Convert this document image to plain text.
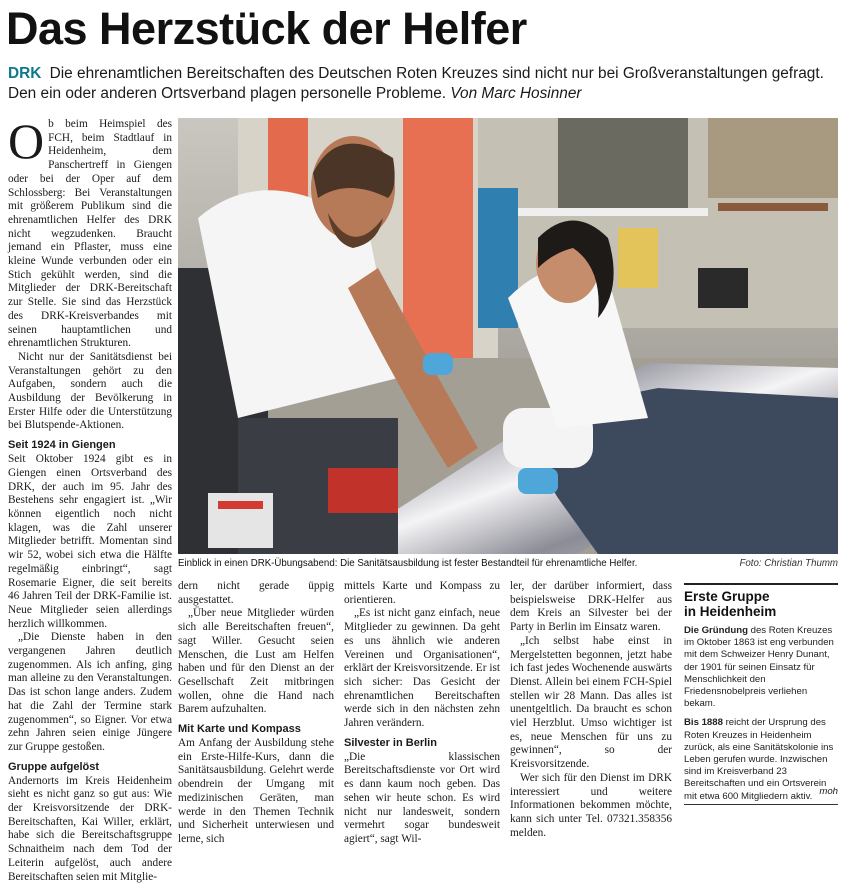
Das Herzstück der Helfer
DRK Die ehrenamtlichen Bereitschaften des Deutschen Roten Kreuzes sind nicht nur bei Großveranstaltungen gefragt. Den ein oder anderen Ortsverband plagen personelle Probleme. Von Marc Hosinner

Ob beim Heimspiel des FCH, beim Stadtlauf in Heidenheim, dem Panschertreff in Giengen oder bei der Oper auf dem Schlossberg: Bei Veranstaltungen mit größerem Publikum sind die ehrenamtlichen Helfer des DRK nicht wegzudenken. Braucht jemand ein Pflaster, muss eine kleine Wunde verbunden oder ein Stich gekühlt werden, sind die Mitglieder der DRK-Bereitschaft zur Stelle. Sie sind das Herzstück des DRK-Kreisverbandes mit seinen hauptamtlichen und ehrenamtlichen Strukturen.

Nicht nur der Sanitätsdienst bei Veranstaltungen gehört zu den Aufgaben, sondern auch die Ausbildung der Bevölkerung in Erster Hilfe oder die Unterstützung bei Blutspende-Aktionen.

Seit 1924 in Giengen

Seit Oktober 1924 gibt es in Giengen einen Ortsverband des DRK, der auch im 95. Jahr des Bestehens sehr engagiert ist. „Wir können eigentlich noch nicht klagen, was die Zahl unserer Mitglieder betrifft. Momentan sind wir 52, wobei sich etwa die Hälfte regelmäßig einbringt“, sagt Rosemarie Eigner, die seit bereits 46 Jahren Teil der DRK-Familie ist. Neue Mitglieder seien allerdings herzlich willkommen.

„Die Dienste haben in den vergangenen Jahren deutlich zugenommen. Als ich anfing, ging man alleine zu den Veranstaltungen. Das ist schon lange anders. Zudem hat die Zahl der Termine stark zugenommen“, so Eigner. Vor etwa zehn Jahren seien einige Jüngere zur Gruppe gestoßen.

Gruppe aufgelöst

Andernorts im Kreis Heidenheim sieht es nicht ganz so gut aus: Wie der Kreisvorsitzende der DRK-Bereitschaften, Kai Willer, erklärt, habe sich die Bereitschaftsgruppe Schnaitheim nach dem Tod der Leiterin aufgelöst, auch andere Bereitschaften seien mit Mitglie-

Einblick in einen DRK-Übungsabend: Die Sanitätsausbildung ist fester Bestandteil für ehrenamtliche Helfer.	Foto: Christian Thumm

dern nicht gerade üppig ausgestattet.

„Über neue Mitglieder würden sich alle Bereitschaften freuen“, sagt Willer. Gesucht seien Menschen, die Lust am Helfen haben und für den Dienst an der Gesellschaft Zeit mitbringen wollen, ohne die Hand nach Barem aufzuhalten.

Mit Karte und Kompass

Am Anfang der Ausbildung stehe ein Erste-Hilfe-Kurs, dann die Sanitätsausbildung. Gelehrt werde obendrein der Umgang mit medizinischen Geräten, man werde in den Themen Technik und Sicherheit unterwiesen und lerne, sich

mittels Karte und Kompass zu orientieren.

„Es ist nicht ganz einfach, neue Mitglieder zu gewinnen. Da geht es uns ähnlich wie anderen Vereinen und Organisationen“, erklärt der Kreisvorsitzende. Er ist sich sicher: Das Gesicht der ehrenamtlichen Bereitschaften werde sich in den nächsten zehn Jahren verändern.

Silvester in Berlin

„Die klassischen Bereitschaftsdienste vor Ort wird es dann kaum noch geben. Das sehen wir heute schon. Es wird nicht nur landesweit, sondern vermehrt sogar bundesweit agiert“, sagt Wil-

ler, der darüber informiert, dass beispielsweise DRK-Helfer aus dem Kreis an Silvester bei der Party in Berlin im Einsatz waren.

„Ich selbst habe einst in Mergelstetten begonnen, jetzt habe ich fast jedes Wochenende auswärts Dienst. Allein bei einem FCH-Spiel stellen wir 28 Mann. Das alles ist unentgeltlich. Da braucht es schon viel Herzblut. Umso wichtiger ist es, neue Menschen für uns zu gewinnen“, so der Kreisvorsitzende.

Wer sich für den Dienst im DRK interessiert und weitere Informationen bekommen möchte, kann sich unter Tel. 07321.358356 melden.

Erste Gruppe
in Heidenheim

Die Gründung des Roten Kreuzes im Oktober 1863 ist eng verbunden mit dem Schweizer Henry Dunant, der 1901 für seinen Einsatz für Menschlichkeit den Friedensnobelpreis verliehen bekam.

Bis 1888 reicht der Ursprung des Roten Kreuzes in Heidenheim zurück, als eine Sanitätskolonie ins Leben gerufen wurde. Inzwischen sind im Kreisverband 23 Bereitschaften und ein Ortsverein mit etwa 600 Mitgliedern aktiv. moh
